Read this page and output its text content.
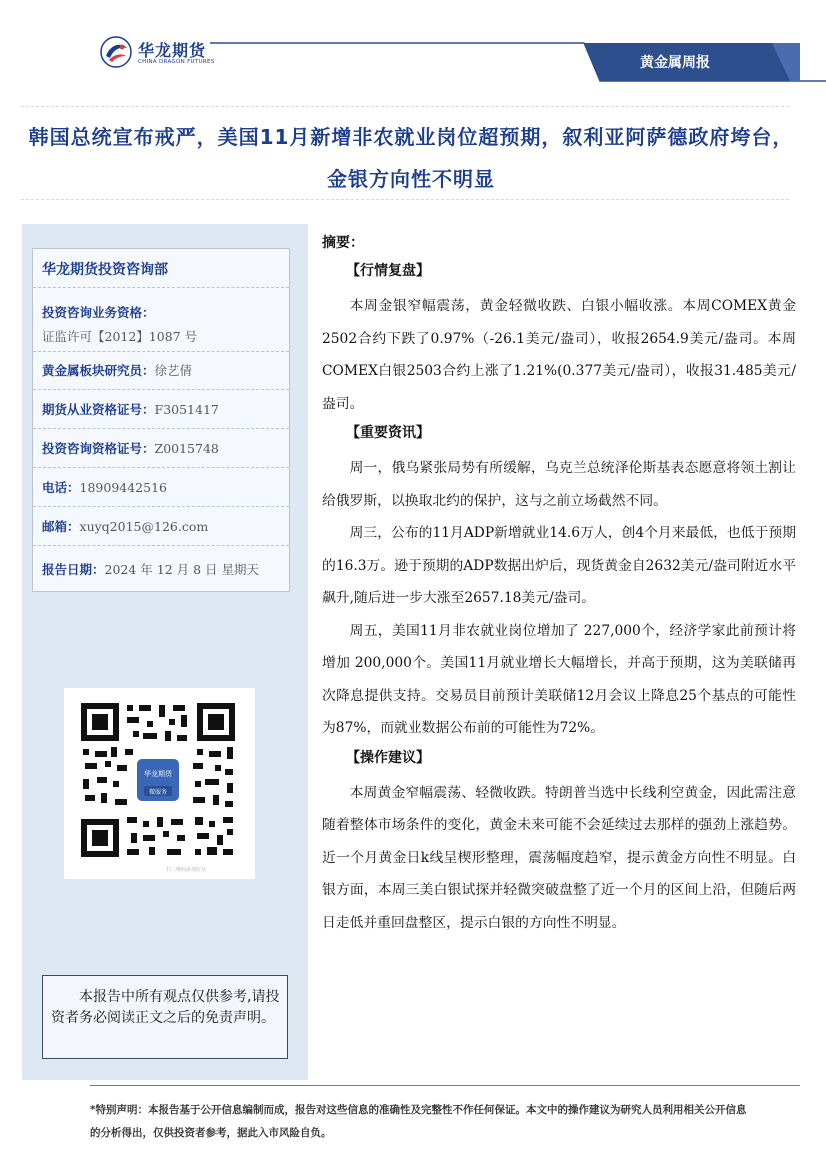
华龙期货
CHINA DRAGON FUTURES	黄金属周报
韩国总统宣布戒严，美国11月新增非农就业岗位超预期，叙利亚阿萨德政府垮台，金银方向性不明显
投资咨询业务资格：
证监许可【2012】1087 号
黄金属板块研究员：徐艺倩
期货从业资格证号：F3051417
投资咨询资格证号：Z0015748
电话：18909442516
邮箱：xuyq2015@126.com
报告日期：2024 年 12 月 8 日 星期天
华龙期货投资咨询部
华龙期货
微服务
扫二维码添加好友
本报告中所有观点仅供参考,请投资者务必阅读正文之后的免责声明。
摘要：
【行情复盘】

本周金银窄幅震荡，黄金轻微收跌、白银小幅收涨。本周COMEX黄金2502合约下跌了0.97%（-26.1美元/盎司），收报2654.9美元/盎司。本周COMEX白银2503合约上涨了1.21%(0.377美元/盎司），收报31.485美元/盎司。

【重要资讯】

周一，俄乌紧张局势有所缓解，乌克兰总统泽伦斯基表态愿意将领土割让给俄罗斯，以换取北约的保护，这与之前立场截然不同。

周三，公布的11月ADP新增就业14.6万人，创4个月来最低，也低于预期的16.3万。逊于预期的ADP数据出炉后，现货黄金自2632美元/盎司附近水平飙升,随后进一步大涨至2657.18美元/盎司。

周五，美国11月非农就业岗位增加了 227,000个，经济学家此前预计将增加 200,000个。美国11月就业增长大幅增长，并高于预期，这为美联储再次降息提供支持。交易员目前预计美联储12月会议上降息25个基点的可能性为87%，而就业数据公布前的可能性为72%。

【操作建议】

本周黄金窄幅震荡、轻微收跌。特朗普当选中长线利空黄金，因此需注意随着整体市场条件的变化，黄金未来可能不会延续过去那样的强劲上涨趋势。近一个月黄金日k线呈楔形整理，震荡幅度趋窄，提示黄金方向性不明显。白银方面，本周三美白银试探并轻微突破盘整了近一个月的区间上沿，但随后两日走低并重回盘整区，提示白银的方向性不明显。

*特别声明：本报告基于公开信息编制而成，报告对这些信息的准确性及完整性不作任何保证。本文中的操作建议为研究人员利用相关公开信息的分析得出，仅供投资者参考，据此入市风险自负。
